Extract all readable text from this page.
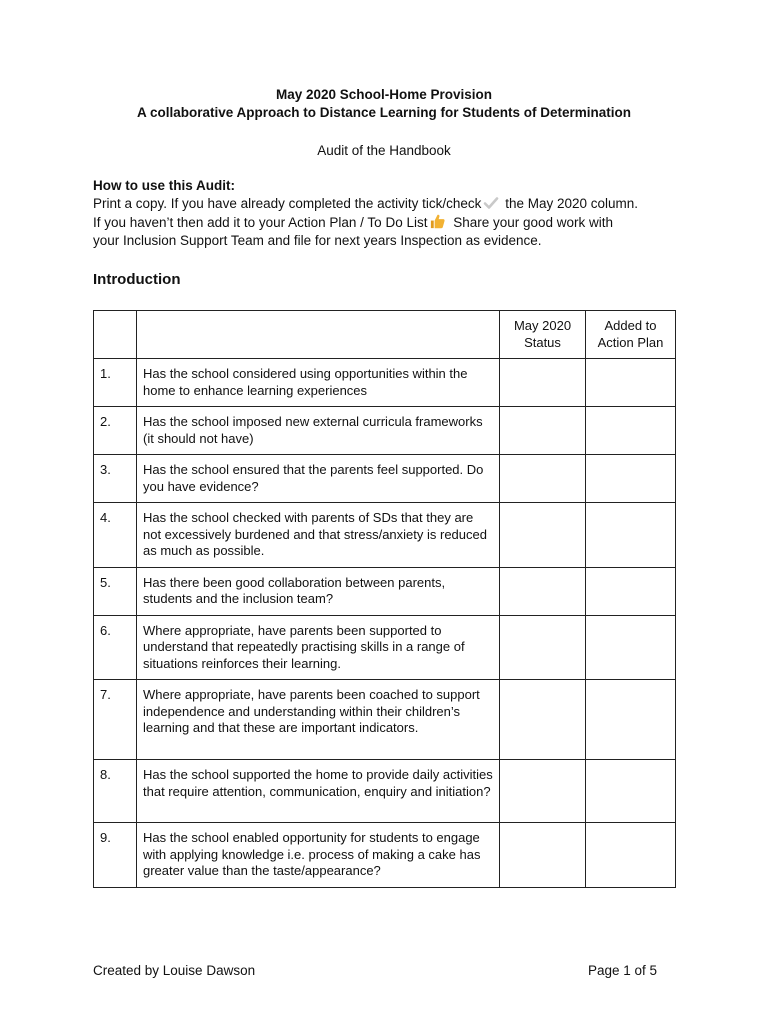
May 2020 School-Home Provision
A collaborative Approach to Distance Learning for Students of Determination
Audit of the Handbook
How to use this Audit:
Print a copy. If you have already completed the activity tick/check the May 2020 column.
If you haven’t then add it to your Action Plan / To Do List Share your good work with
your Inclusion Support Team and file for next years Inspection as evidence.
Introduction
		May 2020 Status	Added to Action Plan
1.	Has the school considered using opportunities within the home to enhance learning experiences		
2.	Has the school imposed new external curricula frameworks (it should not have)		
3.	Has the school ensured that the parents feel supported. Do you have evidence?		
4.	Has the school checked with parents of SDs that they are not excessively burdened and that stress/anxiety is reduced as much as possible.		
5.	Has there been good collaboration between parents, students and the inclusion team?		
6.	Where appropriate, have parents been supported to understand that repeatedly practising skills in a range of situations reinforces their learning.		
7.	Where appropriate, have parents been coached to support independence and understanding within their children’s learning and that these are important indicators.		
8.	Has the school supported the home to provide daily activities that require attention, communication, enquiry and initiation?		
9.	Has the school enabled opportunity for students to engage with applying knowledge i.e. process of making a cake has greater value than the taste/appearance?		
Created by Louise Dawson	Page 1 of 5
